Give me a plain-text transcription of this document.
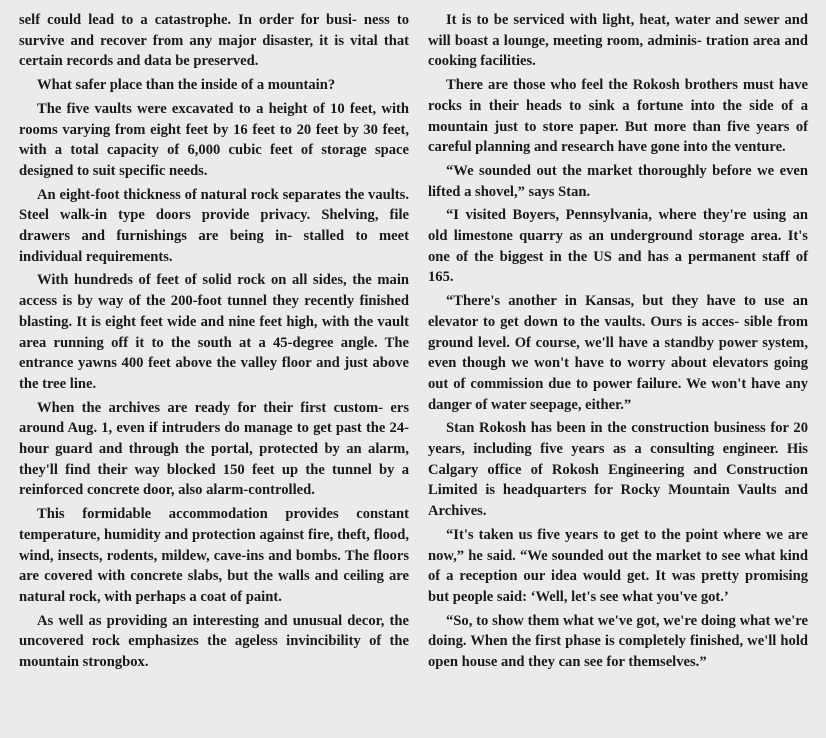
self could lead to a catastrophe. In order for busi- ness to survive and recover from any major disaster, it is vital that certain records and data be preserved.

What safer place than the inside of a mountain?

The five vaults were excavated to a height of 10 feet, with rooms varying from eight feet by 16 feet to 20 feet by 30 feet, with a total capacity of 6,000 cubic feet of storage space designed to suit specific needs.

An eight-foot thickness of natural rock separates the vaults. Steel walk-in type doors provide privacy. Shelving, file drawers and furnishings are being in- stalled to meet individual requirements.

With hundreds of feet of solid rock on all sides, the main access is by way of the 200-foot tunnel they recently finished blasting. It is eight feet wide and nine feet high, with the vault area running off it to the south at a 45-degree angle. The entrance yawns 400 feet above the valley floor and just above the tree line.

When the archives are ready for their first custom- ers around Aug. 1, even if intruders do manage to get past the 24-hour guard and through the portal, protected by an alarm, they'll find their way blocked 150 feet up the tunnel by a reinforced concrete door, also alarm-controlled.

This formidable accommodation provides constant temperature, humidity and protection against fire, theft, flood, wind, insects, rodents, mildew, cave-ins and bombs. The floors are covered with concrete slabs, but the walls and ceiling are natural rock, with perhaps a coat of paint.

As well as providing an interesting and unusual decor, the uncovered rock emphasizes the ageless invincibility of the mountain strongbox.

It is to be serviced with light, heat, water and sewer and will boast a lounge, meeting room, adminis- tration area and cooking facilities.

There are those who feel the Rokosh brothers must have rocks in their heads to sink a fortune into the side of a mountain just to store paper. But more than five years of careful planning and research have gone into the venture.

“We sounded out the market thoroughly before we even lifted a shovel,” says Stan.

“I visited Boyers, Pennsylvania, where they're using an old limestone quarry as an underground storage area. It's one of the biggest in the US and has a permanent staff of 165.

“There's another in Kansas, but they have to use an elevator to get down to the vaults. Ours is acces- sible from ground level. Of course, we'll have a standby power system, even though we won't have to worry about elevators going out of commission due to power failure. We won't have any danger of water seepage, either.”

Stan Rokosh has been in the construction business for 20 years, including five years as a consulting engineer. His Calgary office of Rokosh Engineering and Construction Limited is headquarters for Rocky Mountain Vaults and Archives.

“It's taken us five years to get to the point where we are now,” he said. “We sounded out the market to see what kind of a reception our idea would get. It was pretty promising but people said: ‘Well, let's see what you've got.’

“So, to show them what we've got, we're doing what we're doing. When the first phase is completely finished, we'll hold open house and they can see for themselves.”
